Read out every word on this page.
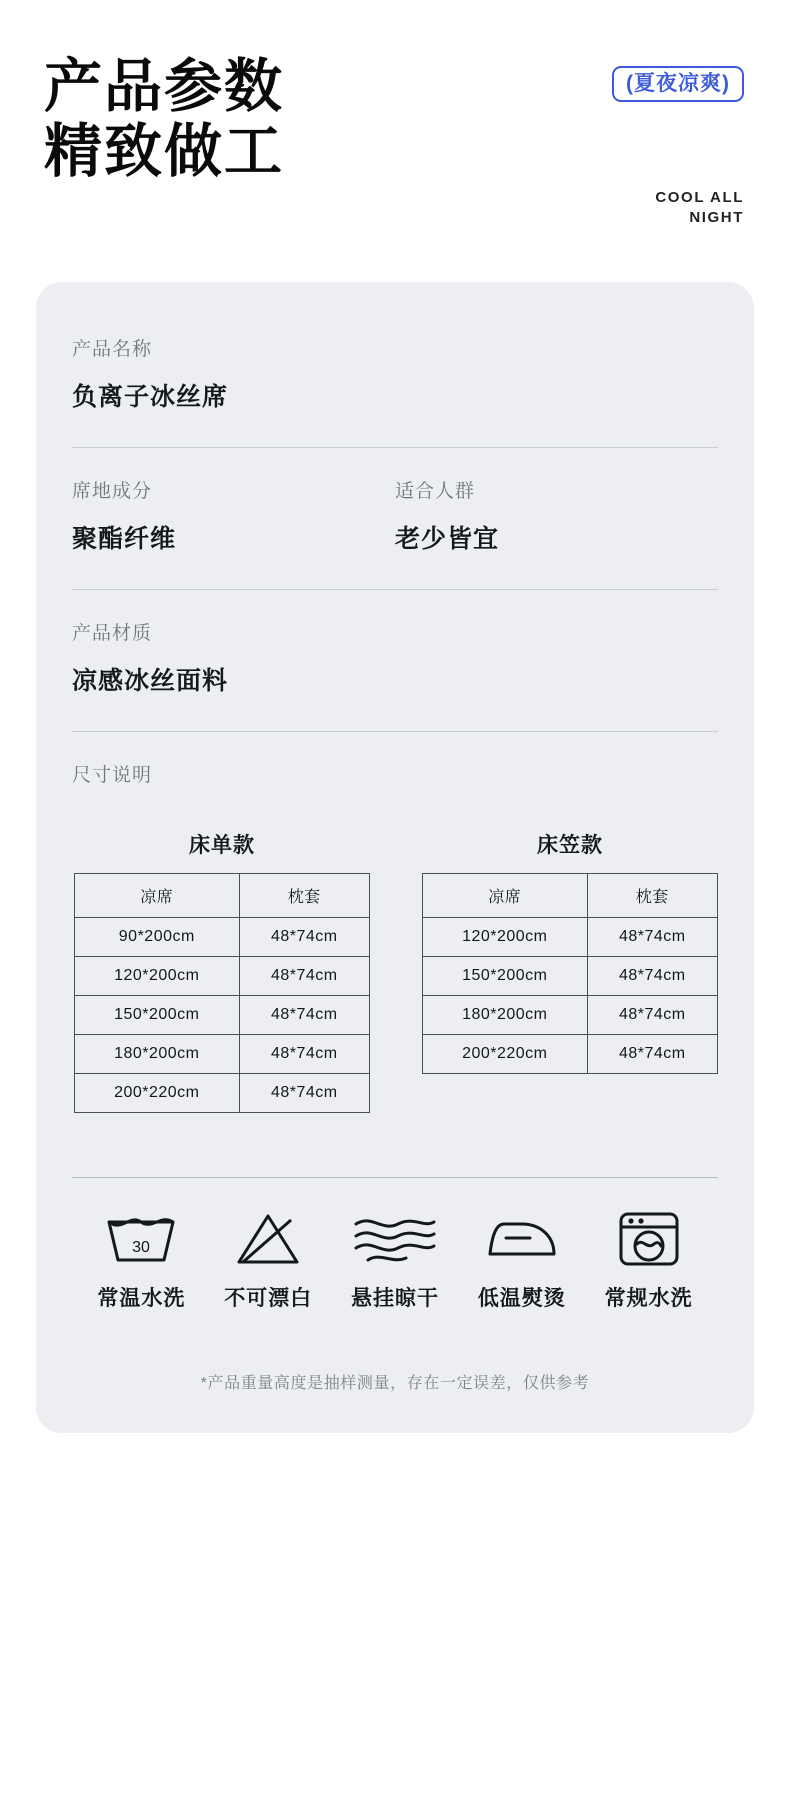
产品参数
精致做工
(夏夜凉爽)
COOL ALL
NIGHT
产品名称
负离子冰丝席
席地成分
聚酯纤维
适合人群
老少皆宜
产品材质
凉感冰丝面料
尺寸说明
床单款
凉席	枕套
90*200cm	48*74cm
120*200cm	48*74cm
150*200cm	48*74cm
180*200cm	48*74cm
200*220cm	48*74cm
床笠款
凉席	枕套
120*200cm	48*74cm
150*200cm	48*74cm
180*200cm	48*74cm
200*220cm	48*74cm
30
常温水洗	不可漂白	悬挂晾干	低温熨烫	常规水洗
*产品重量高度是抽样测量，存在一定误差，仅供参考
